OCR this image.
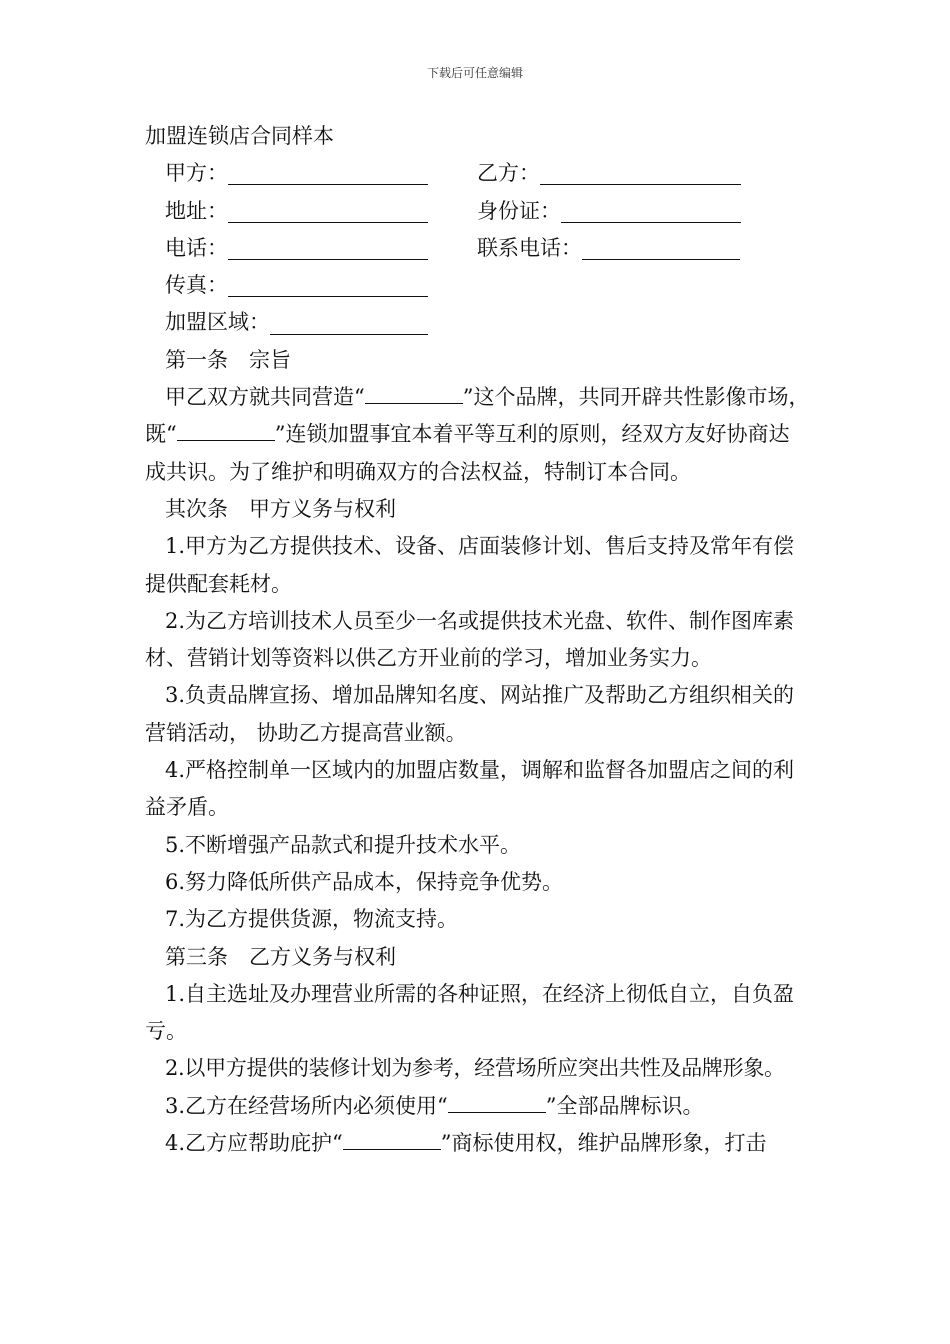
下载后可任意编辑
加盟连锁店合同样本
甲方：	乙方：
地址：	身份证：
电话：	联系电话：
传真：
加盟区域：
第一条　宗旨
甲乙双方就共同营造“	”这个品牌，共同开辟共性影像市场，既“	”连锁加盟事宜本着平等互利的原则，经双方友好协商达成共识。为了维护和明确双方的合法权益，特制订本合同。
其次条　甲方义务与权利
1.甲方为乙方提供技术、设备、店面装修计划、售后支持及常年有偿提供配套耗材。
2.为乙方培训技术人员至少一名或提供技术光盘、软件、制作图库素材、营销计划等资料以供乙方开业前的学习，增加业务实力。
3.负责品牌宣扬、增加品牌知名度、网站推广及帮助乙方组织相关的营销活动， 协助乙方提高营业额。
4.严格控制单一区域内的加盟店数量，调解和监督各加盟店之间的利益矛盾。
5.不断增强产品款式和提升技术水平。
6.努力降低所供产品成本，保持竞争优势。
7.为乙方提供货源，物流支持。
第三条　乙方义务与权利
1.自主选址及办理营业所需的各种证照，在经济上彻低自立，自负盈亏。
2.以甲方提供的装修计划为参考，经营场所应突出共性及品牌形象。
3.乙方在经营场所内必须使用“	”全部品牌标识。
4.乙方应帮助庇护“	”商标使用权，维护品牌形象，打击
